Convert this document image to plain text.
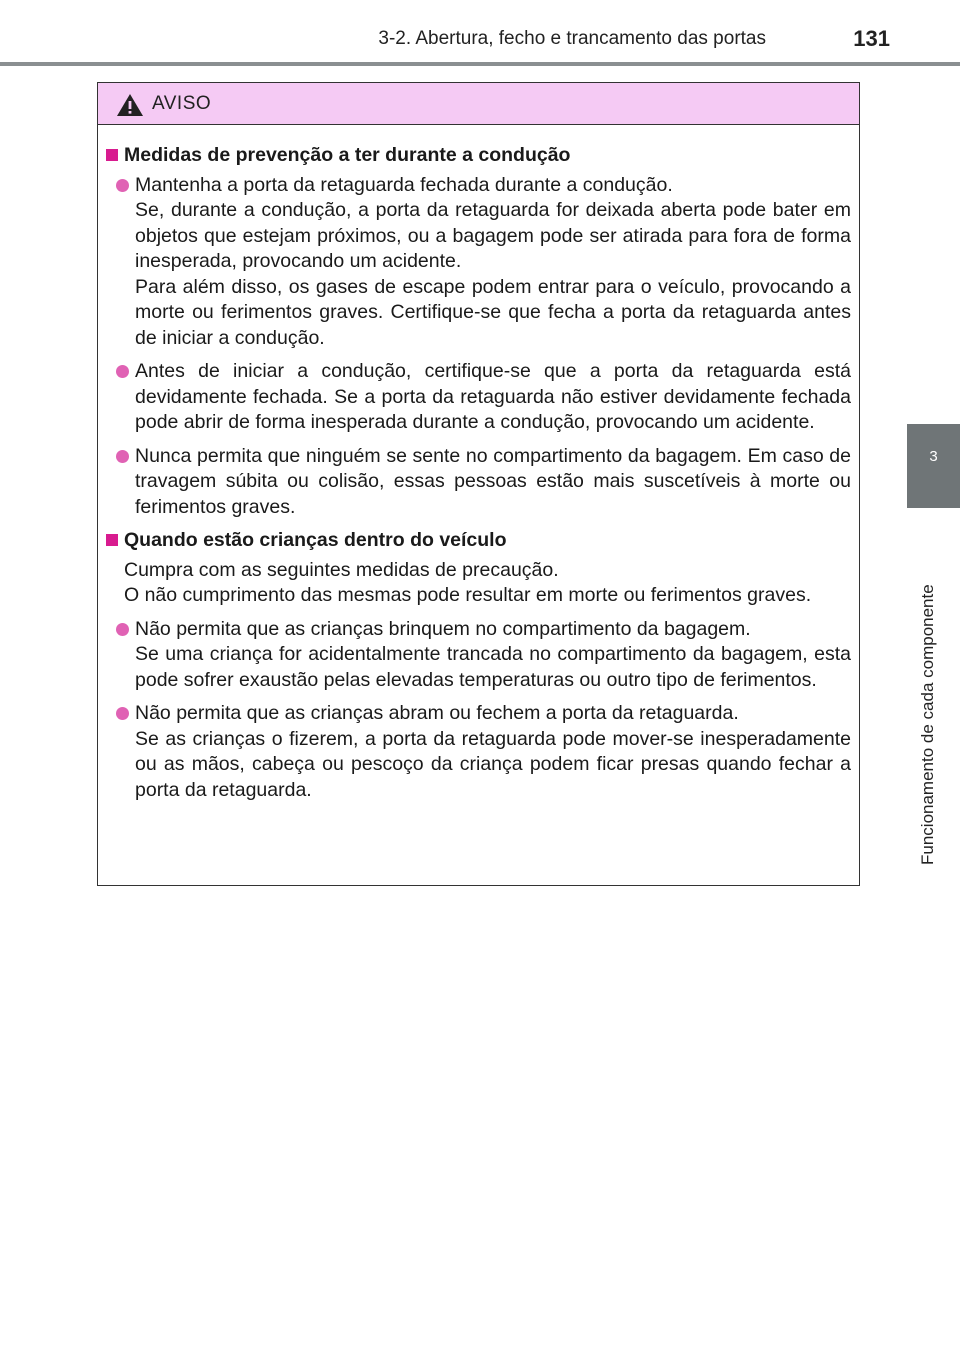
3-2. Abertura, fecho e trancamento das portas	131
3
Funcionamento de cada componente
AVISO
Medidas de prevenção a ter durante a condução

Mantenha a porta da retaguarda fechada durante a condução.

Se, durante a condução, a porta da retaguarda for deixada aberta pode bater em objetos que estejam próximos, ou a bagagem pode ser atirada para fora de forma inesperada, provocando um acidente.

Para além disso, os gases de escape podem entrar para o veículo, provocando a morte ou ferimentos graves. Certifique-se que fecha a porta da retaguarda antes de iniciar a condução.

Antes de iniciar a condução, certifique-se que a porta da retaguarda está devidamente fechada. Se a porta da retaguarda não estiver devidamente fechada pode abrir de forma inesperada durante a condução, provocando um acidente.

Nunca permita que ninguém se sente no compartimento da bagagem. Em caso de travagem súbita ou colisão, essas pessoas estão mais suscetíveis à morte ou ferimentos graves.

Quando estão crianças dentro do veículo

Cumpra com as seguintes medidas de precaução.

O não cumprimento das mesmas pode resultar em morte ou ferimentos graves.

Não permita que as crianças brinquem no compartimento da bagagem.

Se uma criança for acidentalmente trancada no compartimento da bagagem, esta pode sofrer exaustão pelas elevadas temperaturas ou outro tipo de ferimentos.

Não permita que as crianças abram ou fechem a porta da retaguarda.

Se as crianças o fizerem, a porta da retaguarda pode mover-se inesperadamente ou as mãos, cabeça ou pescoço da criança podem ficar presas quando fechar a porta da retaguarda.
